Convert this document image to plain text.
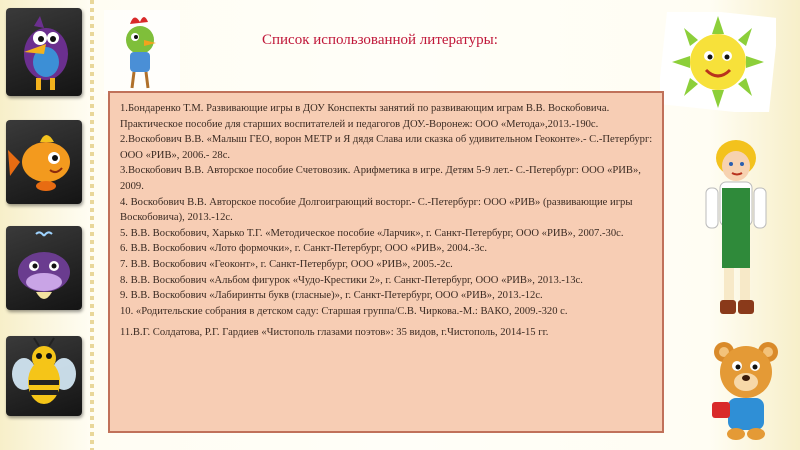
Список использованной литературы:

1.Бондаренко Т.М. Развивающие игры в ДОУ Конспекты занятий по развивающим играм В.В. Воскобовича. Практическое пособие для старших воспитателей и педагогов ДОУ.-Воронеж: ООО «Метода»,2013.-190с.

2.Воскобович В.В. «Малыш ГЕО, ворон МЕТР и Я дядя Слава или сказка об удивительном Геоконте».- С.-Петербург: ООО «РИВ», 2006.- 28с.

3.Воскобович В.В. Авторское пособие Счетовозик. Арифметика в игре. Детям 5-9 лет.- С.-Петербург: ООО «РИВ», 2009.

4. Воскобович В.В. Авторское пособие Долгоиграющий восторг.- С.-Петербург: ООО «РИВ» (развивающие игры Воскобовича), 2013.-12с.

5. В.В. Воскобович, Харько Т.Г. «Методическое пособие «Ларчик», г. Санкт-Петербург, ООО «РИВ», 2007.-30с.

6. В.В. Воскобович «Лото формочки», г. Санкт-Петербург, ООО «РИВ», 2004.-3с.

7. В.В. Воскобович «Геоконт», г. Санкт-Петербург, ООО «РИВ», 2005.-2с.

8. В.В. Воскобович «Альбом фигурок «Чудо-Крестики 2», г. Санкт-Петербург, ООО «РИВ», 2013.-13с.

9. В.В. Воскобович «Лабиринты букв (гласные)», г. Санкт-Петербург, ООО «РИВ», 2013.-12с.

10. «Родительские собрания в детском саду: Старшая группа/С.В. Чиркова.-М.: ВАКО, 2009.-320 с.

11.В.Г. Солдатова, Р.Г. Гардиев «Чистополь глазами поэтов»: 35 видов, г.Чистополь, 2014-15 гг.
